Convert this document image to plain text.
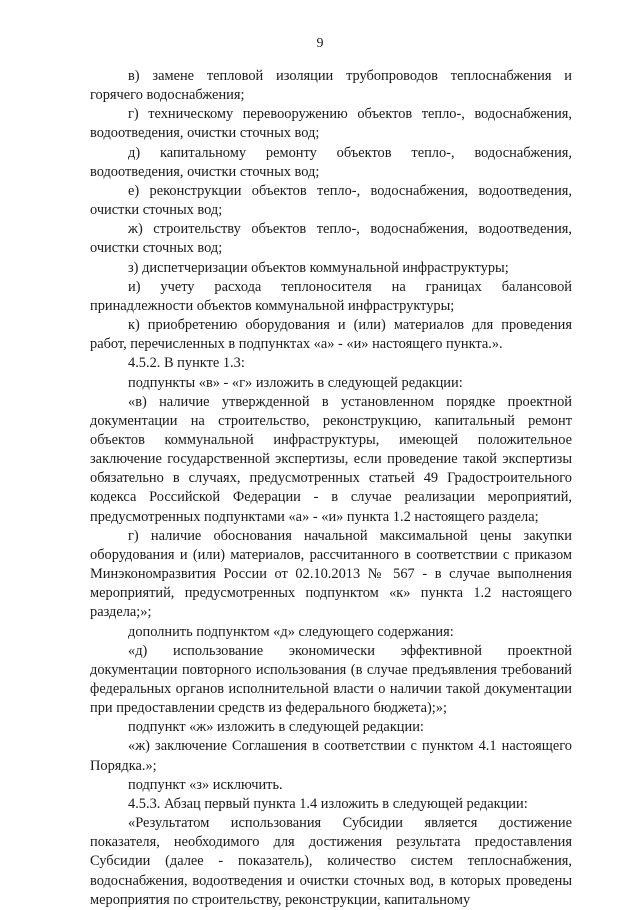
9

в) замене тепловой изоляции трубопроводов теплоснабжения и горячего водоснабжения;

г) техническому перевооружению объектов тепло-, водоснабжения, водоотведения, очистки сточных вод;

д) капитальному ремонту объектов тепло-, водоснабжения, водоотведения, очистки сточных вод;

е) реконструкции объектов тепло-, водоснабжения, водоотведения, очистки сточных вод;

ж) строительству объектов тепло-, водоснабжения, водоотведения, очистки сточных вод;

з) диспетчеризации объектов коммунальной инфраструктуры;

и) учету расхода теплоносителя на границах балансовой принадлежности объектов коммунальной инфраструктуры;

к) приобретению оборудования и (или) материалов для проведения работ, перечисленных в подпунктах «а» - «и» настоящего пункта.».

4.5.2. В пункте 1.3:

подпункты «в» - «г» изложить в следующей редакции:

«в) наличие утвержденной в установленном порядке проектной документации на строительство, реконструкцию, капитальный ремонт объектов коммунальной инфраструктуры, имеющей положительное заключение государственной экспертизы, если проведение такой экспертизы обязательно в случаях, предусмотренных статьей 49 Градостроительного кодекса Российской Федерации - в случае реализации мероприятий, предусмотренных подпунктами «а» - «и» пункта 1.2 настоящего раздела;

г) наличие обоснования начальной максимальной цены закупки оборудования и (или) материалов, рассчитанного в соответствии с приказом Минэкономразвития России от 02.10.2013 № 567 - в случае выполнения мероприятий, предусмотренных подпунктом «к» пункта 1.2 настоящего раздела;»;

дополнить подпунктом «д» следующего содержания:

«д) использование экономически эффективной проектной документации повторного использования (в случае предъявления требований федеральных органов исполнительной власти о наличии такой документации при предоставлении средств из федерального бюджета);»;

подпункт «ж» изложить в следующей редакции:

«ж) заключение Соглашения в соответствии с пунктом 4.1 настоящего Порядка.»;

подпункт «з» исключить.

4.5.3. Абзац первый пункта 1.4 изложить в следующей редакции:

«Результатом использования Субсидии является достижение показателя, необходимого для достижения результата предоставления Субсидии (далее - показатель), количество систем теплоснабжения, водоснабжения, водоотведения и очистки сточных вод, в которых проведены мероприятия по строительству, реконструкции, капитальному
